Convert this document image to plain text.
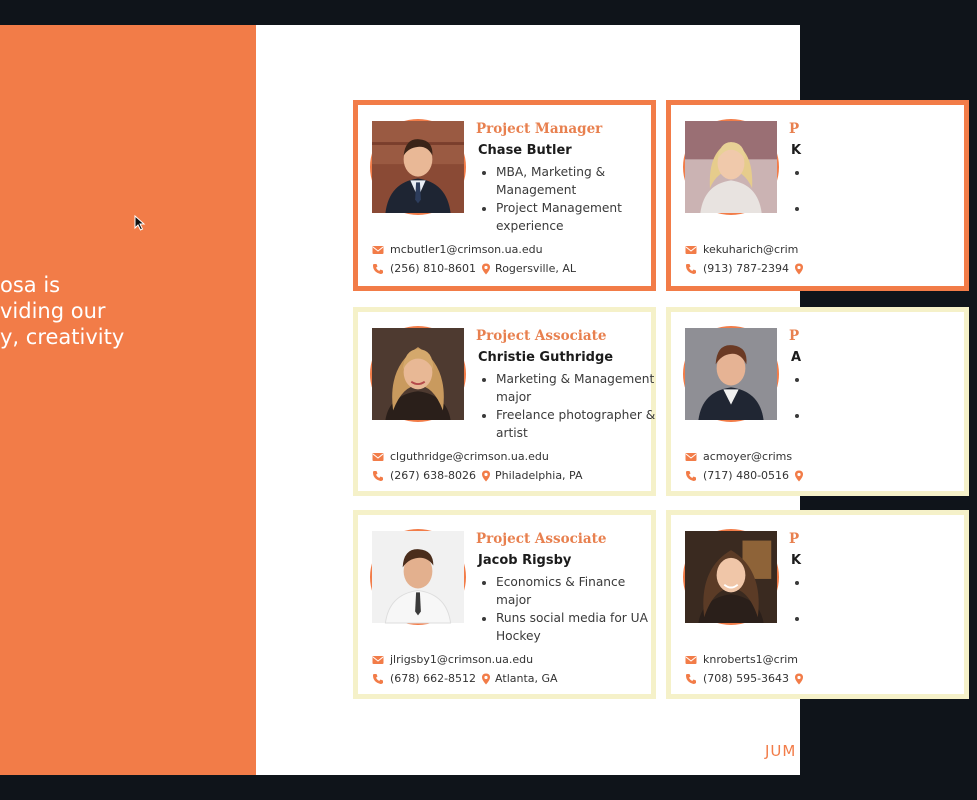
osa is
viding our
y, creativity
Project Manager
Chase Butler
• MBA, Marketing & Management
• Project Management experience
mcbutler1@crimson.ua.edu
(256) 810-8601 Rogersville, AL
P
K
•
•
kekuharich@crim
(913) 787-2394
Project Associate
Christie Guthridge
• Marketing & Management major
• Freelance photographer & artist
clguthridge@crimson.ua.edu
(267) 638-8026 Philadelphia, PA
P
A
•
•
acmoyer@crims
(717) 480-0516
Project Associate
Jacob Rigsby
• Economics & Finance major
• Runs social media for UA Hockey
jlrigsby1@crimson.ua.edu
(678) 662-8512 Atlanta, GA
P
K
•
•
knroberts1@crim
(708) 595-3643
JUM
